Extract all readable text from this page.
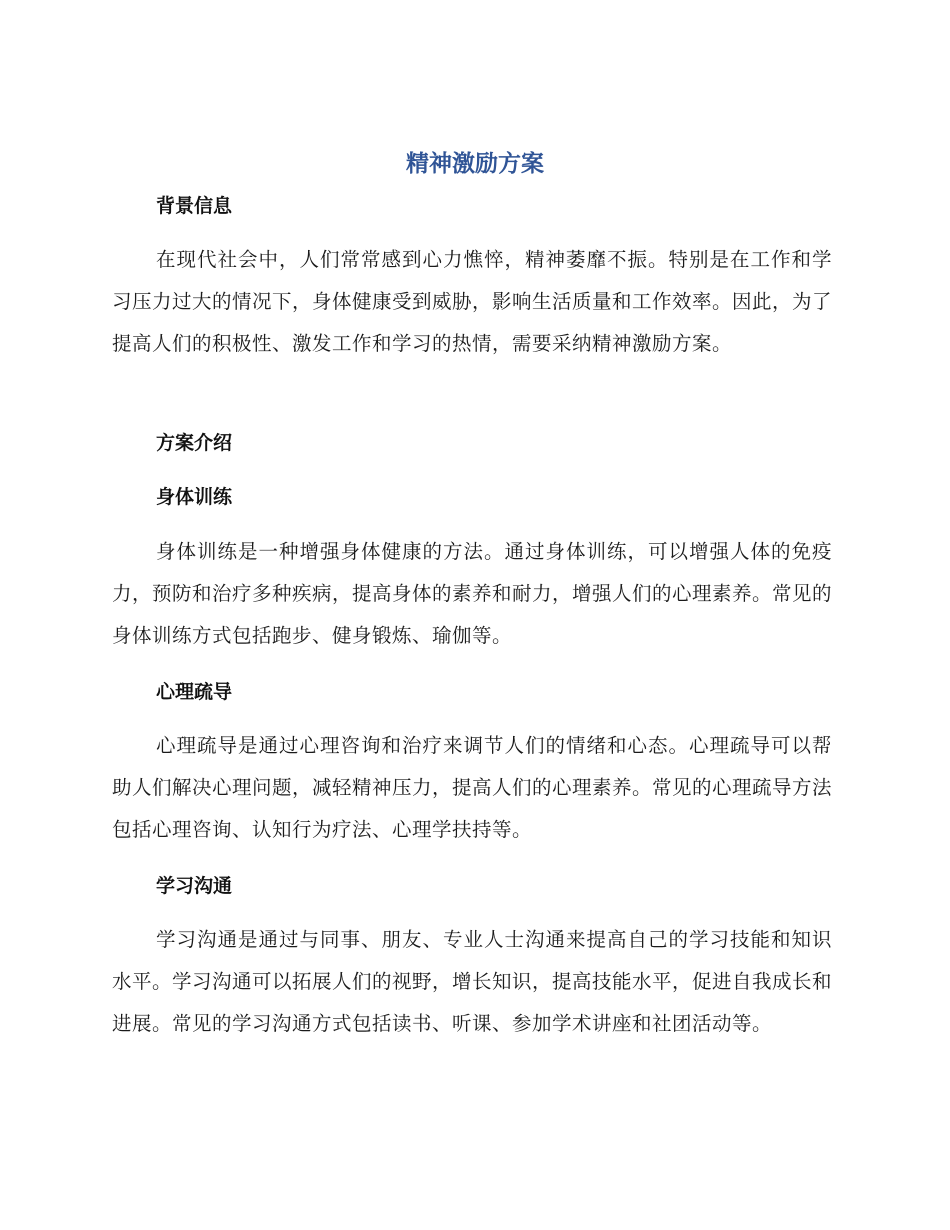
精神激励方案
背景信息

在现代社会中，人们常常感到心力憔悴，精神萎靡不振。特别是在工作和学习压力过大的情况下，身体健康受到威胁，影响生活质量和工作效率。因此，为了提高人们的积极性、激发工作和学习的热情，需要采纳精神激励方案。

方案介绍
身体训练

身体训练是一种增强身体健康的方法。通过身体训练，可以增强人体的免疫力，预防和治疗多种疾病，提高身体的素养和耐力，增强人们的心理素养。常见的身体训练方式包括跑步、健身锻炼、瑜伽等。

心理疏导

心理疏导是通过心理咨询和治疗来调节人们的情绪和心态。心理疏导可以帮助人们解决心理问题，减轻精神压力，提高人们的心理素养。常见的心理疏导方法包括心理咨询、认知行为疗法、心理学扶持等。

学习沟通

学习沟通是通过与同事、朋友、专业人士沟通来提高自己的学习技能和知识水平。学习沟通可以拓展人们的视野，增长知识，提高技能水平，促进自我成长和进展。常见的学习沟通方式包括读书、听课、参加学术讲座和社团活动等。
